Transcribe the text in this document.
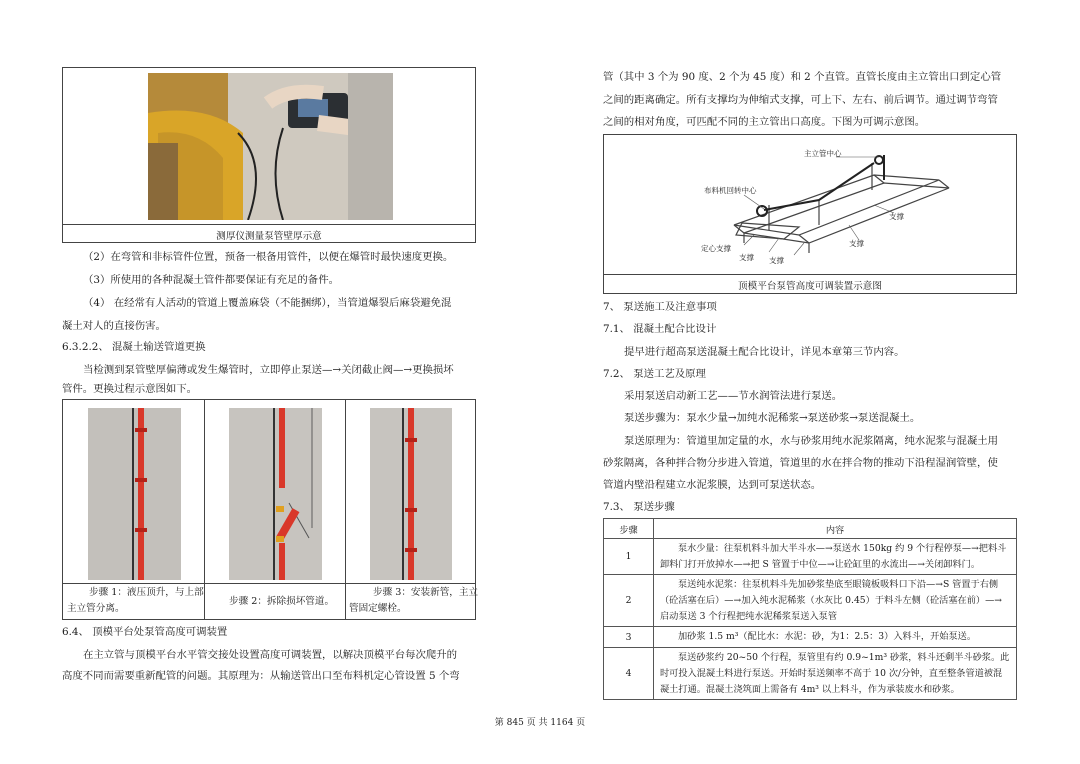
测厚仪测量泵管壁厚示意
（2）在弯管和非标管件位置，预备一根备用管件，以便在爆管时最快速度更换。
（3）所使用的各种混凝土管件都要保证有充足的备件。
（4） 在经常有人活动的管道上覆盖麻袋（不能捆绑），当管道爆裂后麻袋避免混
凝土对人的直接伤害。
6.3.2.2、 混凝土输送管道更换
当检测到泵管壁厚偏薄或发生爆管时，立即停止泵送—→关闭截止阀—→更换损坏
管件。更换过程示意图如下。
步骤 1：液压顶升，与上部
主立管分离。
步骤 2：拆除损坏管道。
步骤 3：安装新管，主立
管固定螺栓。
6.4、 顶模平台处泵管高度可调装置
在主立管与顶模平台水平管交接处设置高度可调装置，以解决顶模平台每次爬升的
高度不同而需要重新配管的问题。其原理为：从输送管出口至布料机定心管设置 5 个弯
管（其中 3 个为 90 度、2 个为 45 度）和 2 个直管。直管长度由主立管出口到定心管
之间的距离确定。所有支撑均为伸缩式支撑，可上下、左右、前后调节。通过调节弯管
之间的相对角度，可匹配不同的主立管出口高度。下图为可调示意图。
主立管中心
布料机回转中心
定心支撑
支撑 支撑
支撑
支撑
顶模平台泵管高度可调装置示意图
7、 泵送施工及注意事项
7.1、 混凝土配合比设计
提早进行超高泵送混凝土配合比设计，详见本章第三节内容。
7.2、 泵送工艺及原理
采用泵送启动新工艺——节水润管法进行泵送。
泵送步骤为：泵水少量→加纯水泥稀浆→泵送砂浆→泵送混凝土。
泵送原理为：管道里加定量的水，水与砂浆用纯水泥浆隔离，纯水泥浆与混凝土用
砂浆隔离，各种拌合物分步进入管道，管道里的水在拌合物的推动下沿程湿润管壁，使
管道内壁沿程建立水泥浆膜，达到可泵送状态。
7.3、 泵送步骤
步骤	内容
1	泵水少量：往泵机料斗加大半斗水—→泵送水 150kg 约 9 个行程停泵—→把料斗卸料门打开放掉水—→把 S 管置于中位—→让砼缸里的水流出—→关闭卸料门。
2	泵送纯水泥浆：往泵机料斗先加砂浆垫底至眼镜板吸料口下沿—→S 管置于右侧（砼活塞在后）—→加入纯水泥稀浆（水灰比 0.45）于料斗左侧（砼活塞在前）—→启动泵送 3 个行程把纯水泥稀浆泵送入泵管
3	加砂浆 1.5 m³（配比水：水泥：砂，为1：2.5：3）入料斗，开始泵送。
4	泵送砂浆约 20~50 个行程，泵管里有约 0.9~1m³ 砂浆，料斗还剩半斗砂浆。此时可投入混凝土料进行泵送。开始时泵送频率不高于 10 次/分钟，直至整条管道被混凝土打通。混凝土浇筑面上需备有 4m³ 以上料斗，作为承装废水和砂浆。
第 845 页 共 1164 页
